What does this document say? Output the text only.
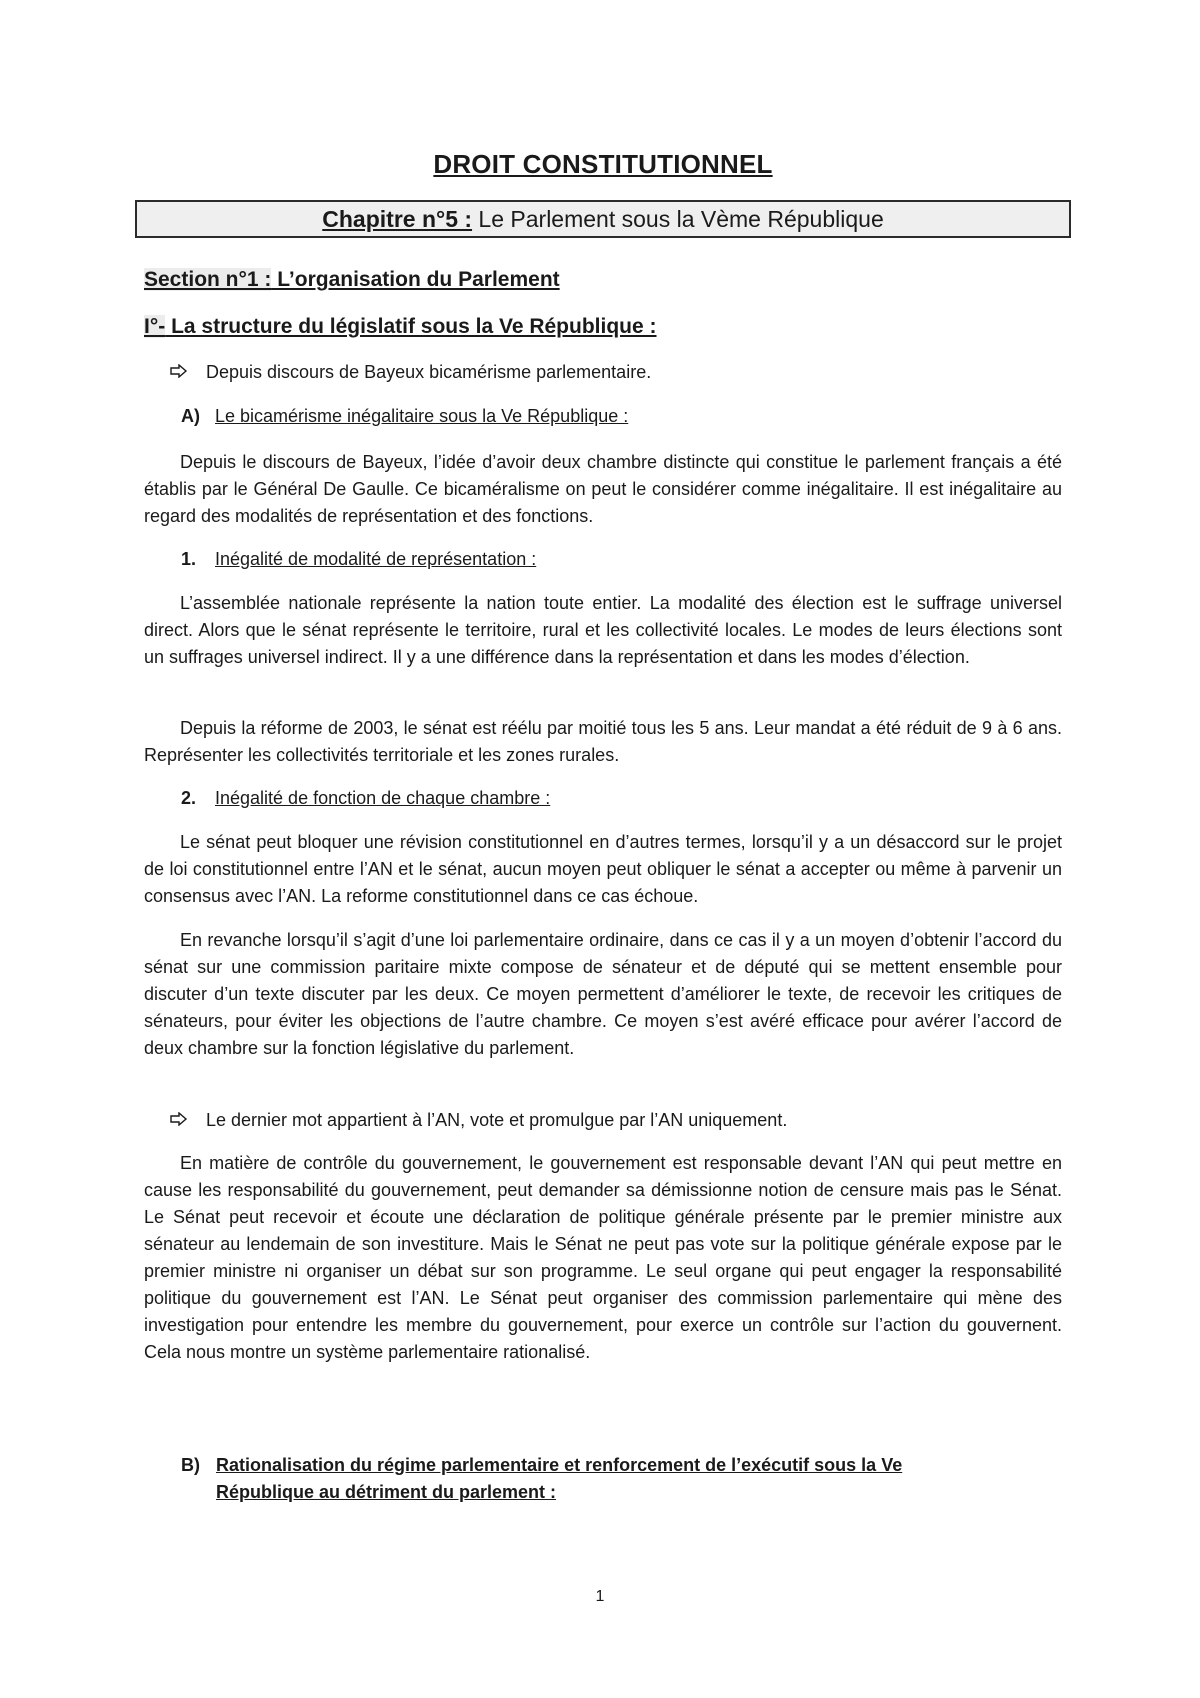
DROIT CONSTITUTIONNEL
Chapitre n°5 : Le Parlement sous la Vème République
Section n°1 : L’organisation du Parlement
I°- La structure du législatif sous la Ve République :
Depuis discours de Bayeux bicamérisme parlementaire.
A) Le bicamérisme inégalitaire sous la Ve République :

Depuis le discours de Bayeux, l’idée d’avoir deux chambre distincte qui constitue le parlement français a été établis par le Général De Gaulle. Ce bicaméralisme on peut le considérer comme inégalitaire. Il est inégalitaire au regard des modalités de représentation et des fonctions.

1. Inégalité de modalité de représentation :

L’assemblée nationale représente la nation toute entier. La modalité des élection est le suffrage universel direct. Alors que le sénat représente le territoire, rural et les collectivité locales. Le modes de leurs élections sont un suffrages universel indirect. Il y a une différence dans la représentation et dans les modes d’élection.

Depuis la réforme de 2003, le sénat est réélu par moitié tous les 5 ans. Leur mandat a été réduit de 9 à 6 ans. Représenter les collectivités territoriale et les zones rurales.

2. Inégalité de fonction de chaque chambre :

Le sénat peut bloquer une révision constitutionnel en d’autres termes, lorsqu’il y a un désaccord sur le projet de loi constitutionnel entre l’AN et le sénat, aucun moyen peut obliquer le sénat a accepter ou même à parvenir un consensus avec l’AN. La reforme constitutionnel dans ce cas échoue.

En revanche lorsqu’il s’agit d’une loi parlementaire ordinaire, dans ce cas il y a un moyen d’obtenir l’accord du sénat sur une commission paritaire mixte compose de sénateur et de député qui se mettent ensemble pour discuter d’un texte discuter par les deux. Ce moyen permettent d’améliorer le texte, de recevoir les critiques de sénateurs, pour éviter les objections de l’autre chambre. Ce moyen s’est avéré efficace pour avérer l’accord de deux chambre sur la fonction législative du parlement.

Le dernier mot appartient à l’AN, vote et promulgue par l’AN uniquement.

En matière de contrôle du gouvernement, le gouvernement est responsable devant l’AN qui peut mettre en cause les responsabilité du gouvernement, peut demander sa démissionne notion de censure mais pas le Sénat. Le Sénat peut recevoir et écoute une déclaration de politique générale présente par le premier ministre aux sénateur au lendemain de son investiture. Mais le Sénat ne peut pas vote sur la politique générale expose par le premier ministre ni organiser un débat sur son programme. Le seul organe qui peut engager la responsabilité politique du gouvernement est l’AN. Le Sénat peut organiser des commission parlementaire qui mène des investigation pour entendre les membre du gouvernement, pour exerce un contrôle sur l’action du gouvernent. Cela nous montre un système parlementaire rationalisé.

B) Rationalisation du régime parlementaire et renforcement de l’exécutif sous la Ve République au détriment du parlement :
1
